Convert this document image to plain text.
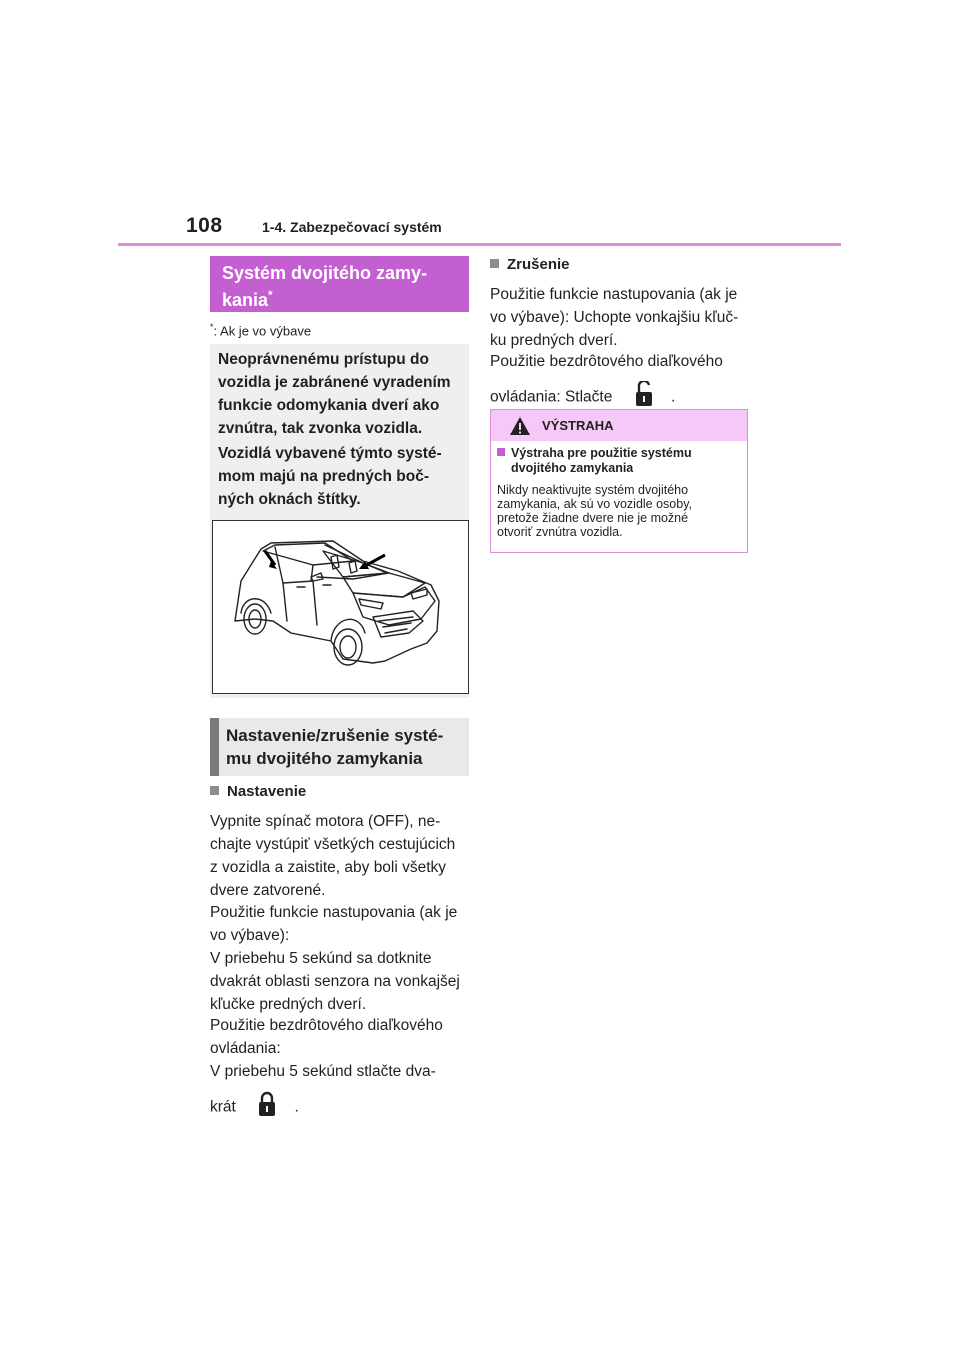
108	1-4. Zabezpečovací systém
Systém dvojitého zamy-
kania*
*: Ak je vo výbave
Neoprávnenému prístupu do
vozidla je zabránené vyradením
funkcie odomykania dverí ako
zvnútra, tak zvonka vozidla.
Vozidlá vybavené týmto systé-
mom majú na predných boč-
ných oknách štítky.
Nastavenie/zrušenie systé-
mu dvojitého zamykania
Nastavenie
Vypnite spínač motora (OFF), ne-
chajte vystúpiť všetkých cestujúcich
z vozidla a zaistite, aby boli všetky
dvere zatvorené.
Použitie funkcie nastupovania (ak je
vo výbave):
V priebehu 5 sekúnd sa dotknite
dvakrát oblasti senzora na vonkajšej
kľučke predných dverí.
Použitie bezdrôtového diaľkového
ovládania:
V priebehu 5 sekúnd stlačte dva-
krát	.
Zrušenie
Použitie funkcie nastupovania (ak je
vo výbave): Uchopte vonkajšiu kľuč-
ku predných dverí.
Použitie bezdrôtového diaľkového
ovládania: Stlačte	.
VÝSTRAHA
Výstraha pre použitie systému
dvojitého zamykania
Nikdy neaktivujte systém dvojitého
zamykania, ak sú vo vozidle osoby,
pretože žiadne dvere nie je možné
otvoriť zvnútra vozidla.
